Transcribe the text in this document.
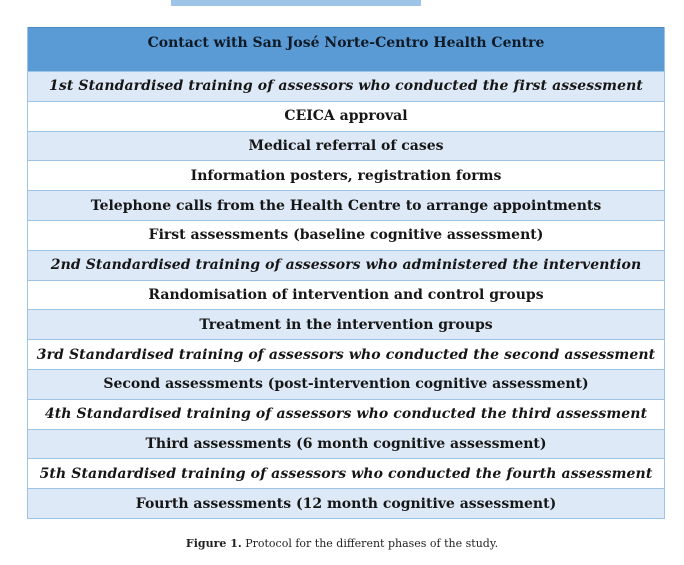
Contact with San José Norte-Centro Health Centre
1st Standardised training of assessors who conducted the first assessment
CEICA approval
Medical referral of cases
Information posters, registration forms
Telephone calls from the Health Centre to arrange appointments
First assessments (baseline cognitive assessment)
2nd Standardised training of assessors who administered the intervention
Randomisation of intervention and control groups
Treatment in the intervention groups
3rd Standardised training of assessors who conducted the second assessment
Second assessments (post-intervention cognitive assessment)
4th Standardised training of assessors who conducted the third assessment
Third assessments (6 month cognitive assessment)
5th Standardised training of assessors who conducted the fourth assessment
Fourth assessments (12 month cognitive assessment)
Figure 1. Protocol for the different phases of the study.
